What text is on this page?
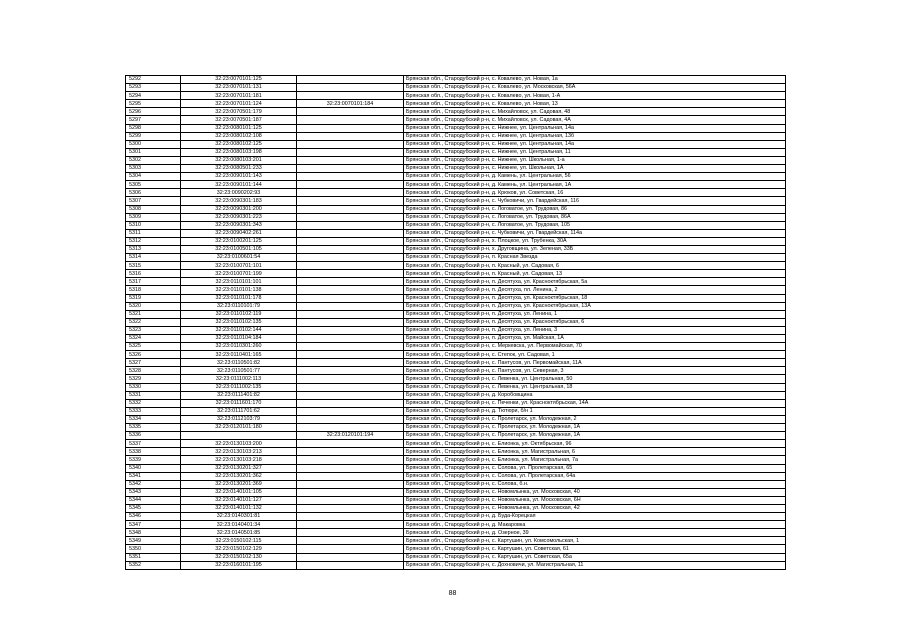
5292	32:23:0070101:125		Брянская обл., Стародубский р-н, с. Ковалево, ул. Новая, 1а
5293	32:23:0070101:131		Брянская обл., Стародубский р-н, с. Ковалево, ул. Московская, 56А
5294	32:23:0070101:181		Брянская обл., Стародубский р-н, с. Ковалево, ул. Новая, 1-А
5295	32:23:0070101:124	32:23:0070101:184	Брянская обл., Стародубский р-н, с. Ковалево, ул. Новая, 13
5296	32:23:0070501:179		Брянская обл., Стародубский р-н, с. Михайловск, ул. Садовая, 48
5297	32:23:0070501:187		Брянская обл., Стародубский р-н, с. Михайловск, ул. Садовая, 4А
5298	32:23:0080101:125		Брянская обл., Стародубский р-н, с. Нижнее, ул. Центральная, 14а
5299	32:23:0080102:108		Брянская обл., Стародубский р-н, с. Нижнее, ул. Центральная, 13б
5300	32:23:0080102:125		Брянская обл., Стародубский р-н, с. Нижнее, ул. Центральная, 14а
5301	32:23:0080103:198		Брянская обл., Стародубский р-н, с. Нижнее, ул. Центральная, 11
5302	32:23:0080103:201		Брянская обл., Стародубский р-н, с. Нижнее, ул. Школьная, 1-а
5303	32:23:0080501:233		Брянская обл., Стародубский р-н, с. Нижнее, ул. Школьная, 1А
5304	32:23:0090101:143		Брянская обл., Стародубский р-н, д. Камень, ул. Центральная, 56
5305	32:23:0090101:144		Брянская обл., Стародубский р-н, д. Камень, ул. Центральная, 1А
5306	32:23:0090202:93		Брянская обл., Стародубский р-н, д. Крюков, ул. Советская, 16
5307	32:23:0090301:183		Брянская обл., Стародубский р-н, с. Чубковичи, ул. Гвардейская, 116
5308	32:23:0090301:200		Брянская обл., Стародубский р-н, с. Логоватое, ул. Трудовая, 86
5309	32:23:0090301:223		Брянская обл., Стародубский р-н, с. Логоватое, ул. Трудовая, 86А
5310	32:23:0090301:343		Брянская обл., Стародубский р-н, с. Логоватое, ул. Трудовая, 105
5311	32:23:0090402:261		Брянская обл., Стародубский р-н, с. Чубковичи, ул. Гвардейская, 114а
5312	32:23:0100201:125		Брянская обл., Стародубский р-н, х. Плоцкое, ул. Трубенка, 30А
5313	32:23:0100501:105		Брянская обл., Стародубский р-н, х. Друговщина, ул. Зеленая, 33Б
5314	32:23:0100601:54		Брянская обл., Стародубский р-н, п. Красная Звезда
5315	32:23:0100701:101		Брянская обл., Стародубский р-н, п. Красный, ул. Садовая, 6
5316	32:23:0100701:199		Брянская обл., Стародубский р-н, п. Красный, ул. Садовая, 13
5317	32:23:0110101:101		Брянская обл., Стародубский р-н, п. Десятуха, ул. Красноктябрьская, 5а
5318	32:23:0110101:138		Брянская обл., Стародубский р-н, п. Десятуха, пл. Ленина, 2
5319	32:23:0110101:178		Брянская обл., Стародубский р-н, п. Десятуха, ул. Красноктябрьская, 18
5320	32:23:0110101:79		Брянская обл., Стародубский р-н, п. Десятуха, ул. Красноктябрьская, 13А
5321	32:23:0110102:119		Брянская обл., Стародубский р-н, п. Десятуха, ул. Ленина, 1
5322	32:23:0110102:135		Брянская обл., Стародубский р-н, п. Десятуха, ул. Красноктябрьская, 6
5323	32:23:0110102:144		Брянская обл., Стародубский р-н, п. Десятуха, ул. Ленина, 3
5324	32:23:0110104:184		Брянская обл., Стародубский р-н, п. Десятуха, ул. Майская, 1А
5325	32:23:0110301:260		Брянская обл., Стародубский р-н, с. Меркевска, ул. Первомайская, 70
5326	32:23:0110401:165		Брянская обл., Стародубский р-н, с. Степок, ул. Садовая, 1
5327	32:23:0110501:82		Брянская обл., Стародубский р-н, с. Пантусов, ул. Первомайская, 11А
5328	32:23:0110501:77		Брянская обл., Стародубский р-н, с. Пантусов, ул. Северная, 3
5329	32:23:0111002:113		Брянская обл., Стародубский р-н, с. Левенка, ул. Центральная, 50
5330	32:23:0111002:135		Брянская обл., Стародубский р-н, с. Левенка, ул. Центральная, 18
5331	32:23:0111401:82		Брянская обл., Стародубский р-н, д. Коробовщина
5332	32:23:0111601:170		Брянская обл., Стародубский р-н, с. Печенки, ул. Красноктябрьская, 14А
5333	32:23:0111701:62		Брянская обл., Стародубский р-н, д. Тютюри, б/н 1
5334	32:23:0112103:79		Брянская обл., Стародубский р-н, с. Пролетарск, ул. Молодежная, 2
5335	32:23:0120101:180		Брянская обл., Стародубский р-н, с. Пролетарск, ул. Молодежная, 1А
5336		32:23:0120101:194	Брянская обл., Стародубский р-н, с. Пролетарск, ул. Молодежная, 1А
5337	32:23:0130103:200		Брянская обл., Стародубский р-н, с. Елионка, ул. Октябрьская, 96
5338	32:23:0130103:213		Брянская обл., Стародубский р-н, с. Елионка, ул. Магистральная, 6
5339	32:23:0130103:218		Брянская обл., Стародубский р-н, с. Елионка, ул. Магистральная, 7а
5340	32:23:0130201:327		Брянская обл., Стародубский р-н, с. Солова, ул. Пролетарская, 65
5341	32:23:0130201:362		Брянская обл., Стародубский р-н, с. Солова, ул. Пролетарская, 64а
5342	32:23:0130201:369		Брянская обл., Стародубский р-н, с. Солова, б.н.
5343	32:23:0140101:105		Брянская обл., Стародубский р-н, с. Новомлынка, ул. Московская, 40
5344	32:23:0140101:127		Брянская обл., Стародубский р-н, с. Новомлынка, ул. Московская, 6Н
5345	32:23:0140101:132		Брянская обл., Стародубский р-н, с. Новомлынка, ул. Московская, 42
5346	32:23:0140301:81		Брянская обл., Стародубский р-н, д. Буда-Корецкая
5347	32:23:0140401:34		Брянская обл., Стародубский р-н, д. Макаровка
5348	32:23:0140501:85		Брянская обл., Стародубский р-н, д. Озерное, 39
5349	32:23:0150102:115		Брянская обл., Стародубский р-н, с. Картушин, ул. Комсомольская, 1
5350	32:23:0150102:129		Брянская обл., Стародубский р-н, с. Картушин, ул. Советская, 61
5351	32:23:0150102:130		Брянская обл., Стародубский р-н, с. Картушин, ул. Советская, 65а
5352	32:23:0160101:195		Брянская обл., Стародубский р-н, с. Дохновичи, ул. Магистральная, 11
88
